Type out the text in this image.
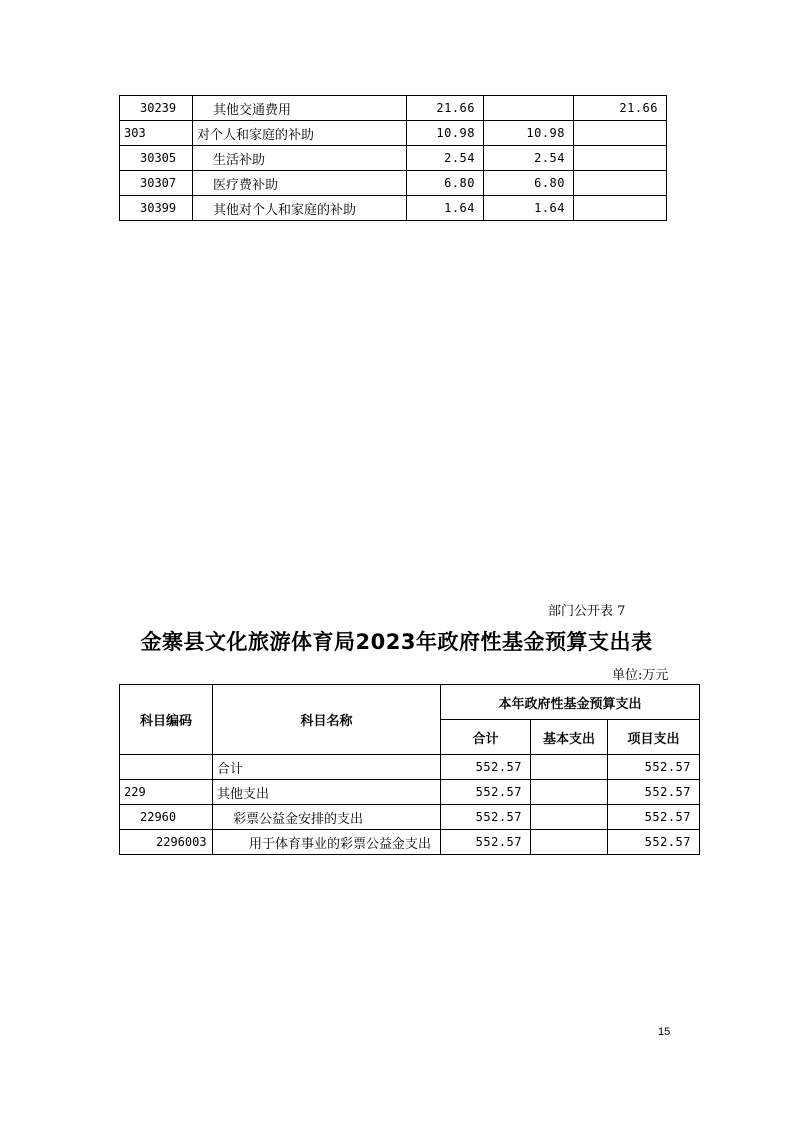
30239	其他交通费用	21.66		21.66
303	对个人和家庭的补助	10.98	10.98	
30305	生活补助	2.54	2.54	
30307	医疗费补助	6.80	6.80	
30399	其他对个人和家庭的补助	1.64	1.64	
部门公开表 7
金寨县文化旅游体育局2023年政府性基金预算支出表
单位:万元
科目编码	科目名称	本年政府性基金预算支出		
		合计	基本支出	项目支出
	合计	552.57		552.57
229	其他支出	552.57		552.57
22960	彩票公益金安排的支出	552.57		552.57
2296003	用于体育事业的彩票公益金支出	552.57		552.57
15
